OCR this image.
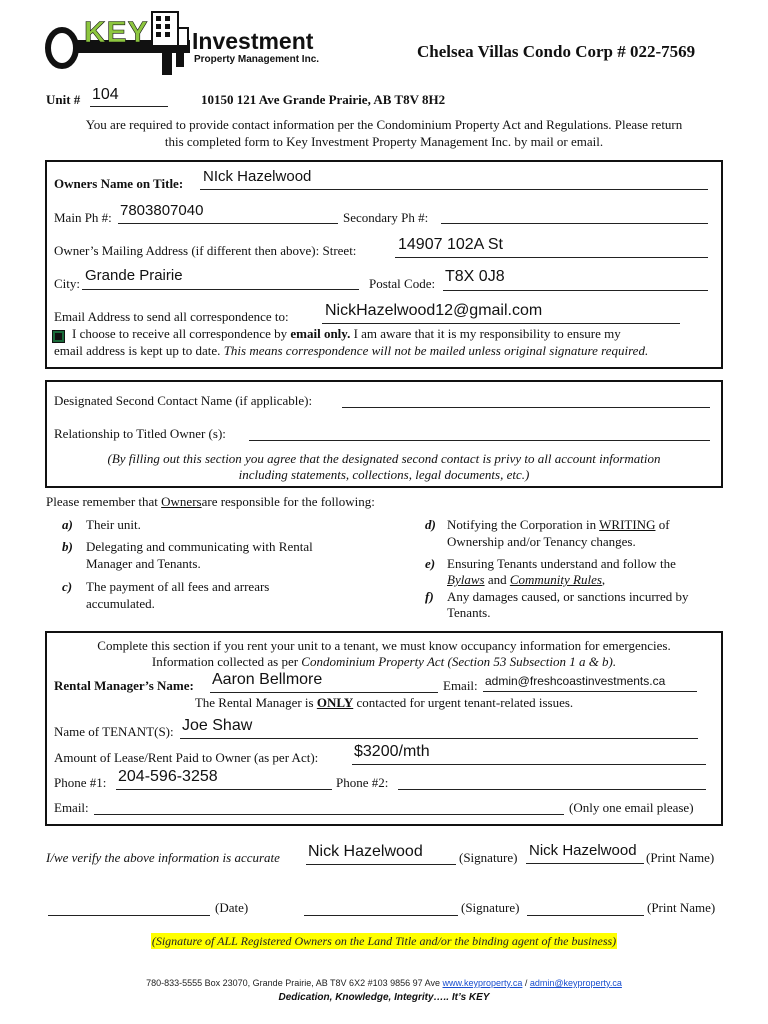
KEY Investment
Property Management Inc.	Chelsea Villas Condo Corp # 022-7569
Unit # 104	10150 121 Ave Grande Prairie, AB T8V 8H2
You are required to provide contact information per the Condominium Property Act and Regulations. Please return
this completed form to Key Investment Property Management Inc. by mail or email.
Owners Name on Title: NIck Hazelwood
Main Ph #: 7803807040	Secondary Ph #:
Owner’s Mailing Address (if different then above): Street:	14907 102A St
City: Grande Prairie	Postal Code: T8X 0J8
Email Address to send all correspondence to: NickHazelwood12@gmail.com
I choose to receive all correspondence by email only. I am aware that it is my responsibility to ensure my
email address is kept up to date. This means correspondence will not be mailed unless original signature required.
Designated Second Contact Name (if applicable):
Relationship to Titled Owner (s):
(By filling out this section you agree that the designated second contact is privy to all account information
including statements, collections, legal documents, etc.)
Please remember that Ownersare responsible for the following:
a) Their unit.
b) Delegating and communicating with Rental
Manager and Tenants.
c) The payment of all fees and arrears
accumulated.
d) Notifying the Corporation in WRITING of
Ownership and/or Tenancy changes.
e) Ensuring Tenants understand and follow the
Bylaws and Community Rules,
f) Any damages caused, or sanctions incurred by
Tenants.
Complete this section if you rent your unit to a tenant, we must know occupancy information for emergencies.
Information collected as per Condominium Property Act (Section 53 Subsection 1 a & b).
Rental Manager’s Name: Aaron Bellmore	Email: admin@freshcoastinvestments.ca
The Rental Manager is ONLY contacted for urgent tenant-related issues.
Name of TENANT(S): Joe Shaw
Amount of Lease/Rent Paid to Owner (as per Act): $3200/mth
Phone #1: 204-596-3258	Phone #2:
Email:	(Only one email please)
I/we verify the above information is accurate Nick Hazelwood	(Signature) Nick Hazelwood (Print Name)
(Date)	(Signature)	(Print Name)
(Signature of ALL Registered Owners on the Land Title and/or the binding agent of the business)
780-833-5555 Box 23070, Grande Prairie, AB T8V 6X2 #103 9856 97 Ave www.keyproperty.ca / admin@keyproperty.ca
Dedication, Knowledge, Integrity….. It’s KEY
